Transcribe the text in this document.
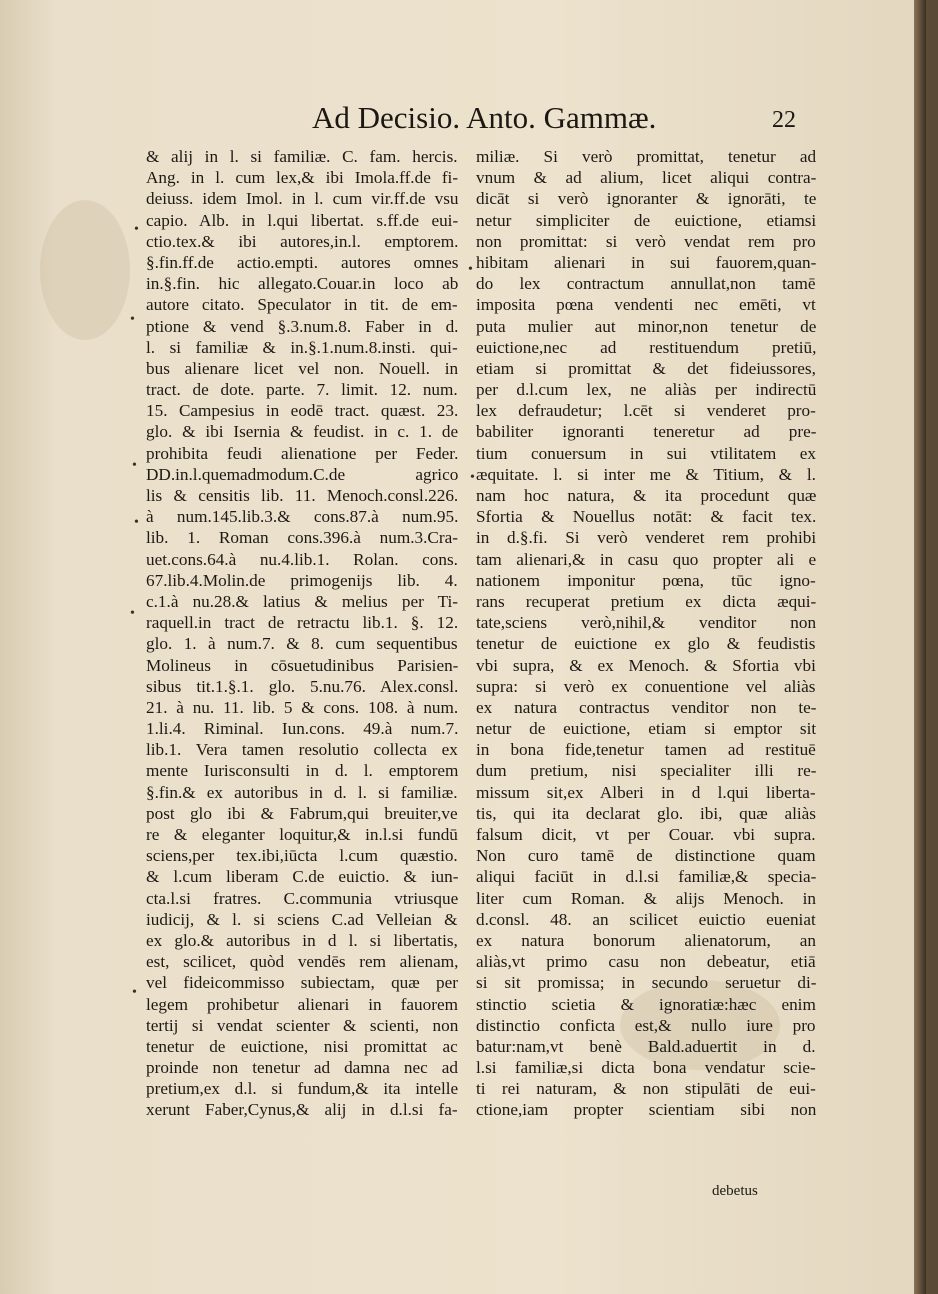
Ad Decisio. Anto. Gammæ.	22
•
•
•
•
•
•
•
•
& alij in l. si familiæ. C. fam. hercis.
Ang. in l. cum lex,& ibi Imola.ff.de fi-
deiuss. idem Imol. in l. cum vir.ff.de vsu
capio. Alb. in l.qui libertat. s.ff.de eui-
ctio.tex.& ibi autores,in.l. emptorem.
§.fin.ff.de actio.empti. autores omnes
in.§.fin. hic allegato.Couar.in loco ab
autore citato. Speculator in tit. de em-
ptione & vend §.3.num.8. Faber in d.
l. si familiæ & in.§.1.num.8.insti. qui-
bus alienare licet vel non. Nouell. in
tract. de dote. parte. 7. limit. 12. num.
15. Campesius in eodē tract. quæst. 23.
glo. & ibi Isernia & feudist. in c. 1. de
prohibita feudi alienatione per Feder.
DD.in.l.quemadmodum.C.de agrico
lis & censitis lib. 11. Menoch.consl.226.
à num.145.lib.3.& cons.87.à num.95.
lib. 1. Roman cons.396.à num.3.Cra-
uet.cons.64.à nu.4.lib.1. Rolan. cons.
67.lib.4.Molin.de primogenijs lib. 4.
c.1.à nu.28.& latius & melius per Ti-
raquell.in tract de retractu lib.1. §. 12.
glo. 1. à num.7. & 8. cum sequentibus
Molineus in cōsuetudinibus Parisien-
sibus tit.1.§.1. glo. 5.nu.76. Alex.consl.
21. à nu. 11. lib. 5 & cons. 108. à num.
1.li.4. Riminal. Iun.cons. 49.à num.7.
lib.1. Vera tamen resolutio collecta ex
mente Iurisconsulti in d. l. emptorem
§.fin.& ex autoribus in d. l. si familiæ.
post glo ibi & Fabrum,qui breuiter,ve
re & eleganter loquitur,& in.l.si fundū
sciens,per tex.ibi,iūcta l.cum quæstio.
& l.cum liberam C.de euictio. & iun-
cta.l.si fratres. C.communia vtriusque
iudicij, & l. si sciens C.ad Velleian &
ex glo.& autoribus in d l. si libertatis,
est, scilicet, quòd vendēs rem alienam,
vel fideicommisso subiectam, quæ per
legem prohibetur alienari in fauorem
tertij si vendat scienter & scienti, non
tenetur de euictione, nisi promittat ac
proinde non tenetur ad damna nec ad
pretium,ex d.l. si fundum,& ita intelle
xerunt Faber,Cynus,& alij in d.l.si fa-
miliæ. Si verò promittat, tenetur ad
vnum & ad alium, licet aliqui contra-
dicāt si verò ignoranter & ignorāti, te
netur simpliciter de euictione, etiamsi
non promittat: si verò vendat rem pro
hibitam alienari in sui fauorem,quan-
do lex contractum annullat,non tamē
imposita pœna vendenti nec emēti, vt
puta mulier aut minor,non tenetur de
euictione,nec ad restituendum pretiū,
etiam si promittat & det fideiussores,
per d.l.cum lex, ne aliàs per indirectū
lex defraudetur; l.cēt si venderet pro-
babiliter ignoranti teneretur ad pre-
tium conuersum in sui vtilitatem ex
æquitate. l. si inter me & Titium, & l.
nam hoc natura, & ita procedunt quæ
Sfortia & Nouellus notāt: & facit tex.
in d.§.fi. Si verò venderet rem prohibi
tam alienari,& in casu quo propter ali e
nationem imponitur pœna, tūc igno-
rans recuperat pretium ex dicta æqui-
tate,sciens verò,nihil,& venditor non
tenetur de euictione ex glo & feudistis
vbi supra, & ex Menoch. & Sfortia vbi
supra: si verò ex conuentione vel aliàs
ex natura contractus venditor non te-
netur de euictione, etiam si emptor sit
in bona fide,tenetur tamen ad restituē
dum pretium, nisi specialiter illi re-
missum sit,ex Alberi in d l.qui liberta-
tis, qui ita declarat glo. ibi, quæ aliàs
falsum dicit, vt per Couar. vbi supra.
Non curo tamē de distinctione quam
aliqui faciūt in d.l.si familiæ,& specia-
liter cum Roman. & alijs Menoch. in
d.consl. 48. an scilicet euictio eueniat
ex natura bonorum alienatorum, an
aliàs,vt primo casu non debeatur, etiā
si sit promissa; in secundo seruetur di-
stinctio scietia & ignoratiæ:hæc enim
distinctio conficta est,& nullo iure pro
batur:nam,vt benè Bald.aduertit in d.
l.si familiæ,si dicta bona vendatur scie-
ti rei naturam, & non stipulāti de eui-
ctione,iam propter scientiam sibi non
debetus
